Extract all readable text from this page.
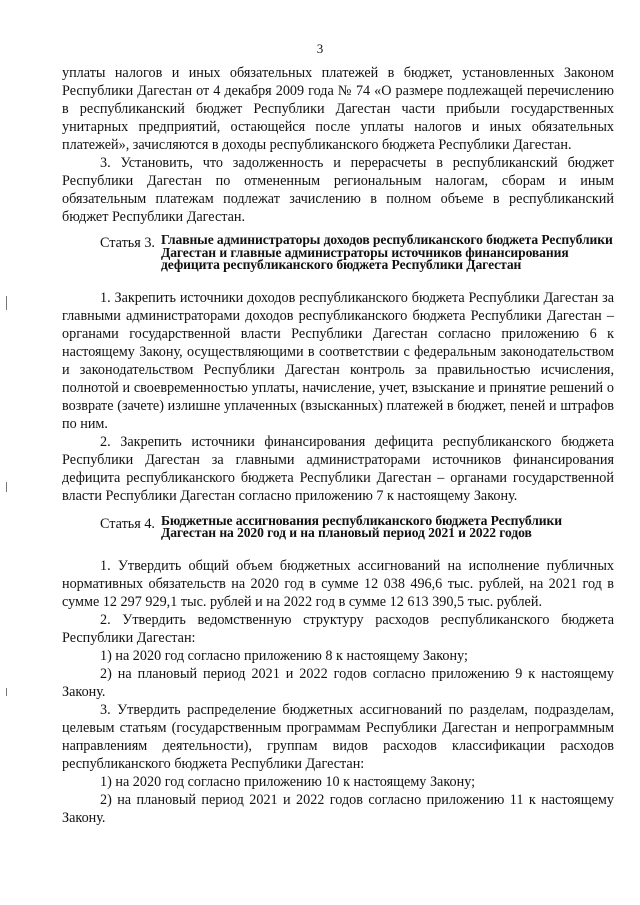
3

уплаты налогов и иных обязательных платежей в бюджет, установленных Законом Республики Дагестан от 4 декабря 2009 года № 74 «О размере подлежащей перечислению в республиканский бюджет Республики Дагестан части прибыли государственных унитарных предприятий, остающейся после уплаты налогов и иных обязательных платежей», зачисляются в доходы республиканского бюджета Республики Дагестан.

3. Установить, что задолженность и перерасчеты в республиканский бюджет Республики Дагестан по отмененным региональным налогам, сборам и иным обязательным платежам подлежат зачислению в полном объеме в республиканский бюджет Республики Дагестан.

Статья 3. Главные администраторы доходов республиканского бюджета Республики Дагестан и главные администраторы источников финансирования дефицита республиканского бюджета Республики Дагестан

1. Закрепить источники доходов республиканского бюджета Республики Дагестан за главными администраторами доходов республиканского бюджета Республики Дагестан – органами государственной власти Республики Дагестан согласно приложению 6 к настоящему Закону, осуществляющими в соответствии с федеральным законодательством и законодательством Республики Дагестан контроль за правильностью исчисления, полнотой и своевременностью уплаты, начисление, учет, взыскание и принятие решений о возврате (зачете) излишне уплаченных (взысканных) платежей в бюджет, пеней и штрафов по ним.

2. Закрепить источники финансирования дефицита республиканского бюджета Республики Дагестан за главными администраторами источников финансирования дефицита республиканского бюджета Республики Дагестан – органами государственной власти Республики Дагестан согласно приложению 7 к настоящему Закону.

Статья 4. Бюджетные ассигнования республиканского бюджета Республики Дагестан на 2020 год и на плановый период 2021 и 2022 годов

1. Утвердить общий объем бюджетных ассигнований на исполнение публичных нормативных обязательств на 2020 год в сумме 12 038 496,6 тыс. рублей, на 2021 год в сумме 12 297 929,1 тыс. рублей и на 2022 год в сумме 12 613 390,5 тыс. рублей.

2. Утвердить ведомственную структуру расходов республиканского бюджета Республики Дагестан:

1) на 2020 год согласно приложению 8 к настоящему Закону;

2) на плановый период 2021 и 2022 годов согласно приложению 9 к настоящему Закону.

3. Утвердить распределение бюджетных ассигнований по разделам, подразделам, целевым статьям (государственным программам Республики Дагестан и непрограммным направлениям деятельности), группам видов расходов классификации расходов республиканского бюджета Республики Дагестан:

1) на 2020 год согласно приложению 10 к настоящему Закону;

2) на плановый период 2021 и 2022 годов согласно приложению 11 к настоящему Закону.
